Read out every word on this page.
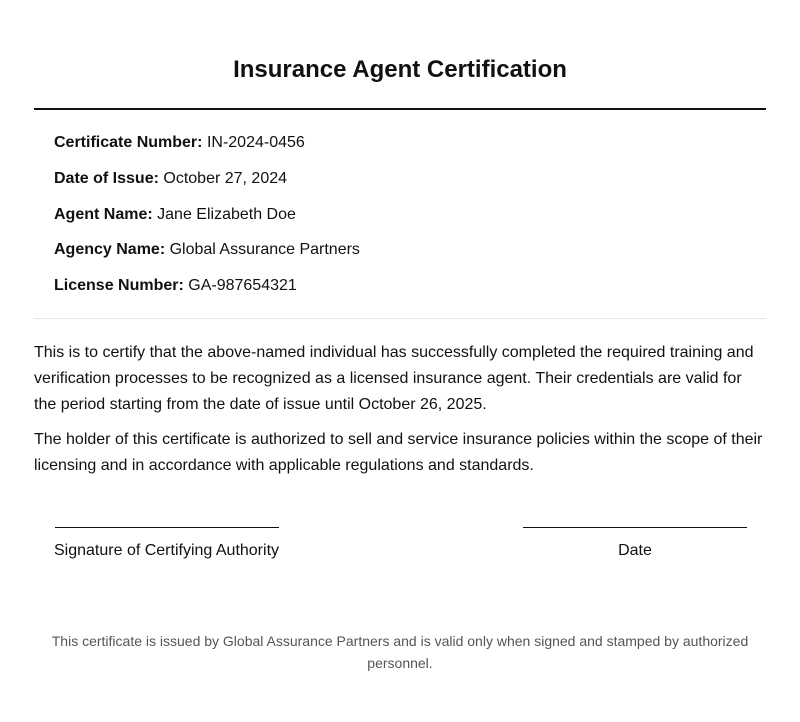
Insurance Agent Certification
Certificate Number: IN-2024-0456
Date of Issue: October 27, 2024
Agent Name: Jane Elizabeth Doe
Agency Name: Global Assurance Partners
License Number: GA-987654321
This is to certify that the above-named individual has successfully completed the required training and verification processes to be recognized as a licensed insurance agent. Their credentials are valid for the period starting from the date of issue until October 26, 2025.
The holder of this certificate is authorized to sell and service insurance policies within the scope of their licensing and in accordance with applicable regulations and standards.
Signature of Certifying Authority	Date
This certificate is issued by Global Assurance Partners and is valid only when signed and stamped by authorized personnel.
